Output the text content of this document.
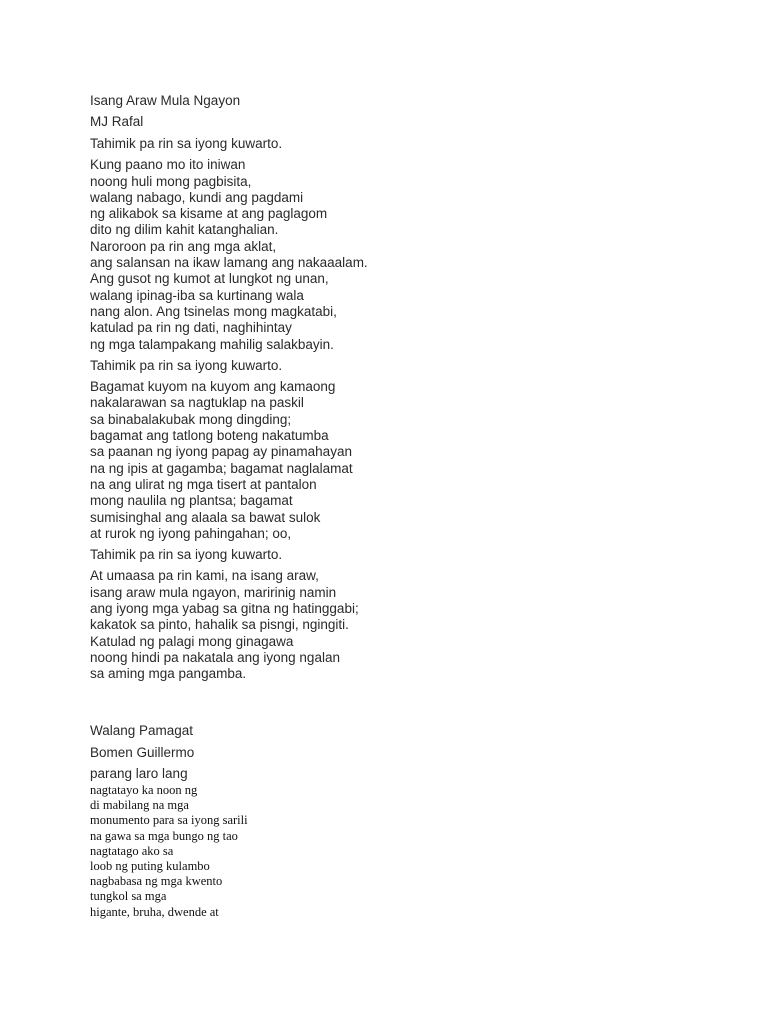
Isang Araw Mula Ngayon
MJ Rafal
Tahimik pa rin sa iyong kuwarto.
Kung paano mo ito iniwan
noong huli mong pagbisita,
walang nabago, kundi ang pagdami
ng alikabok sa kisame at ang paglagom
dito ng dilim kahit katanghalian.
Naroroon pa rin ang mga aklat,
ang salansan na ikaw lamang ang nakaaalam.
Ang gusot ng kumot at lungkot ng unan,
walang ipinag-iba sa kurtinang wala
nang alon. Ang tsinelas mong magkatabi,
katulad pa rin ng dati, naghihintay
ng mga talampakang mahilig salakbayin.
Tahimik pa rin sa iyong kuwarto.
Bagamat kuyom na kuyom ang kamaong
nakalarawan sa nagtuklap na paskil
sa binabalakubak mong dingding;
bagamat ang tatlong boteng nakatumba
sa paanan ng iyong papag ay pinamahayan
na ng ipis at gagamba; bagamat naglalamat
na ang ulirat ng mga tisert at pantalon
mong naulila ng plantsa; bagamat
sumisinghal ang alaala sa bawat sulok
at rurok ng iyong pahingahan; oo,
Tahimik pa rin sa iyong kuwarto.
At umaasa pa rin kami, na isang araw,
isang araw mula ngayon, maririnig namin
ang iyong mga yabag sa gitna ng hatinggabi;
kakatok sa pinto, hahalik sa pisngi, ngingiti.
Katulad ng palagi mong ginagawa
noong hindi pa nakatala ang iyong ngalan
sa aming mga pangamba.
Walang Pamagat
Bomen Guillermo
parang laro lang
nagtatayo ka noon ng
di mabilang na mga
monumento para sa iyong sarili
na gawa sa mga bungo ng tao
nagtatago ako sa
loob ng puting kulambo
nagbabasa ng mga kwento
tungkol sa mga
higante, bruha, dwende at
